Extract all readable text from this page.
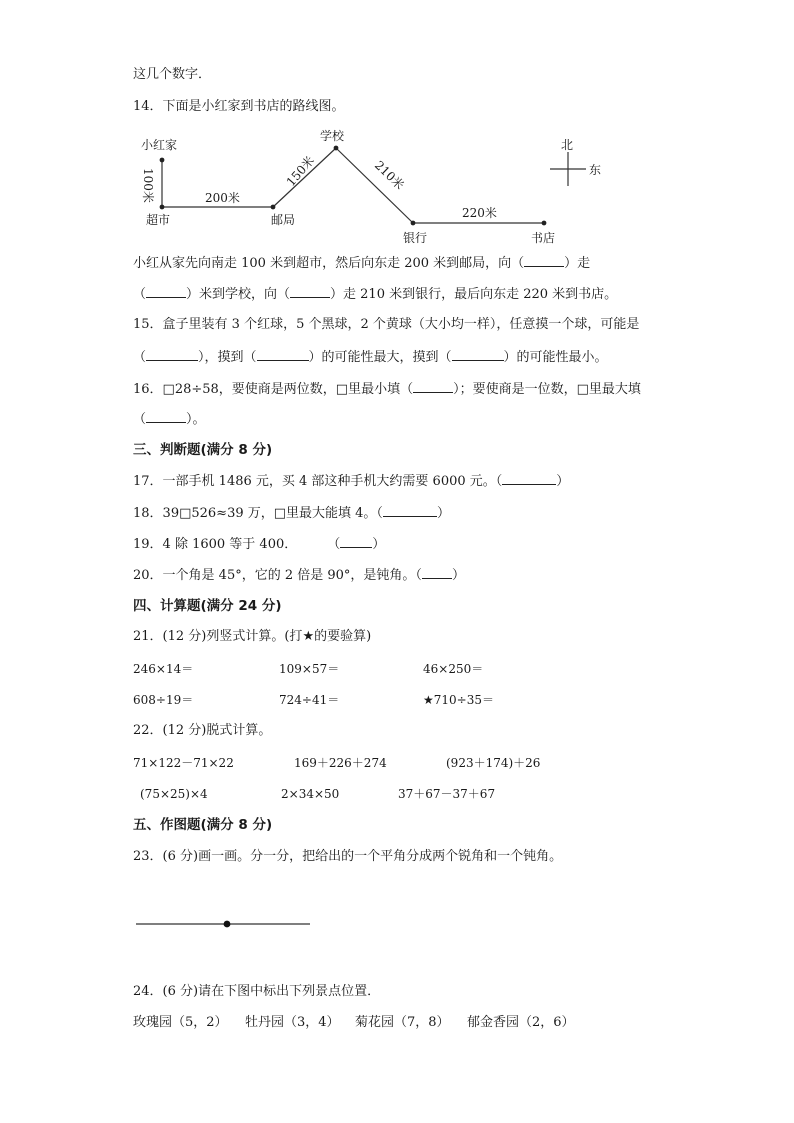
这几个数字．
14．下面是小红家到书店的路线图。
小红家
超市	邮局
学校
银行	书店
100米	200米
150米	210米
220米
北
东
小红从家先向南走 100 米到超市，然后向东走 200 米到邮局，向（	）走
（	）米到学校，向（	）走 210 米到银行，最后向东走 220 米到书店。
15．盒子里装有 3 个红球，5 个黑球，2 个黄球（大小均一样），任意摸一个球，可能是
（	），摸到（	）的可能性最大，摸到（	）的可能性最小。
16．□28÷58，要使商是两位数，□里最小填（	）；要使商是一位数，□里最大填
（	）。
三、判断题(满分 8 分)
17．一部手机 1486 元，买 4 部这种手机大约需要 6000 元。（	）
18．39□526≈39 万，□里最大能填 4。（	）
19．4 除 1600 等于 400． （ ）
20．一个角是 45°，它的 2 倍是 90°，是钝角。（ ）
四、计算题(满分 24 分)
21．(12 分)列竖式计算。(打★的要验算)
246×14＝	109×57＝	46×250＝
608÷19＝	724÷41＝	★710÷35＝
22．(12 分)脱式计算。
71×122－71×22	169＋226＋274	(923＋174)＋26
(75×25)×4	2×34×50	37＋67－37＋67
五、作图题(满分 8 分)
23．(6 分)画一画。分一分，把给出的一个平角分成两个锐角和一个钝角。
24．(6 分)请在下图中标出下列景点位置．
玫瑰园（5，2） 牡丹园（3，4） 菊花园（7，8） 郁金香园（2，6）
